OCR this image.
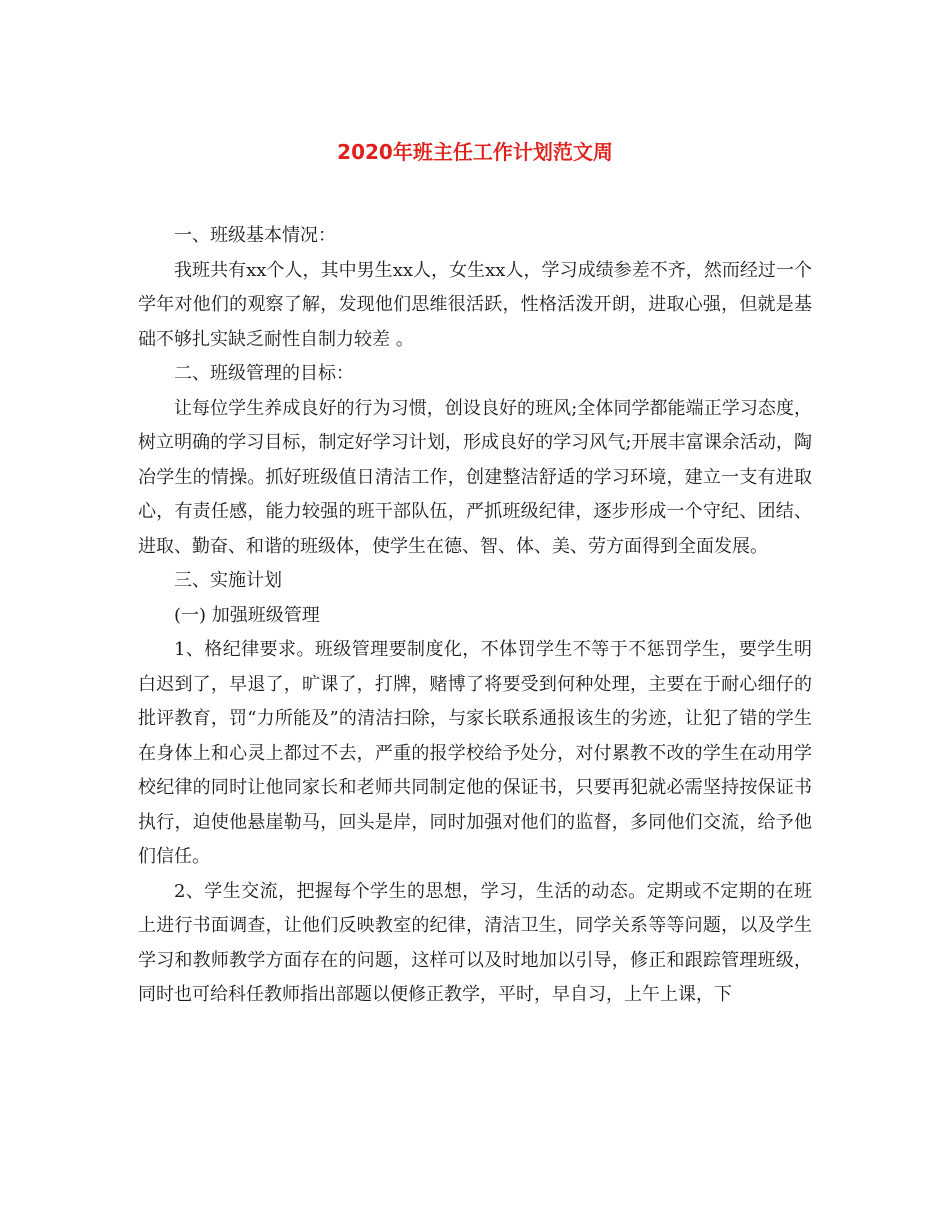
2020年班主任工作计划范文周

一、班级基本情况：

我班共有xx个人，其中男生xx人，女生xx人，学习成绩参差不齐，然而经过一个学年对他们的观察了解，发现他们思维很活跃，性格活泼开朗，进取心强，但就是基础不够扎实缺乏耐性自制力较差 。

二、班级管理的目标：

让每位学生养成良好的行为习惯，创设良好的班风;全体同学都能端正学习态度，树立明确的学习目标，制定好学习计划，形成良好的学习风气;开展丰富课余活动，陶冶学生的情操。抓好班级值日清洁工作，创建整洁舒适的学习环境，建立一支有进取心，有责任感，能力较强的班干部队伍，严抓班级纪律，逐步形成一个守纪、团结、进取、勤奋、和谐的班级体，使学生在德、智、体、美、劳方面得到全面发展。

三、实施计划

(一) 加强班级管理

1、格纪律要求。班级管理要制度化，不体罚学生不等于不惩罚学生，要学生明白迟到了，早退了，旷课了，打牌，赌博了将要受到何种处理，主要在于耐心细仔的批评教育，罚“力所能及”的清洁扫除，与家长联系通报该生的劣迹，让犯了错的学生在身体上和心灵上都过不去，严重的报学校给予处分，对付累教不改的学生在动用学校纪律的同时让他同家长和老师共同制定他的保证书，只要再犯就必需坚持按保证书执行，迫使他悬崖勒马，回头是岸，同时加强对他们的监督，多同他们交流，给予他们信任。

2、学生交流，把握每个学生的思想，学习，生活的动态。定期或不定期的在班上进行书面调查，让他们反映教室的纪律，清洁卫生，同学关系等等问题，以及学生学习和教师教学方面存在的问题，这样可以及时地加以引导，修正和跟踪管理班级，同时也可给科任教师指出部题以便修正教学，平时，早自习，上午上课，下
